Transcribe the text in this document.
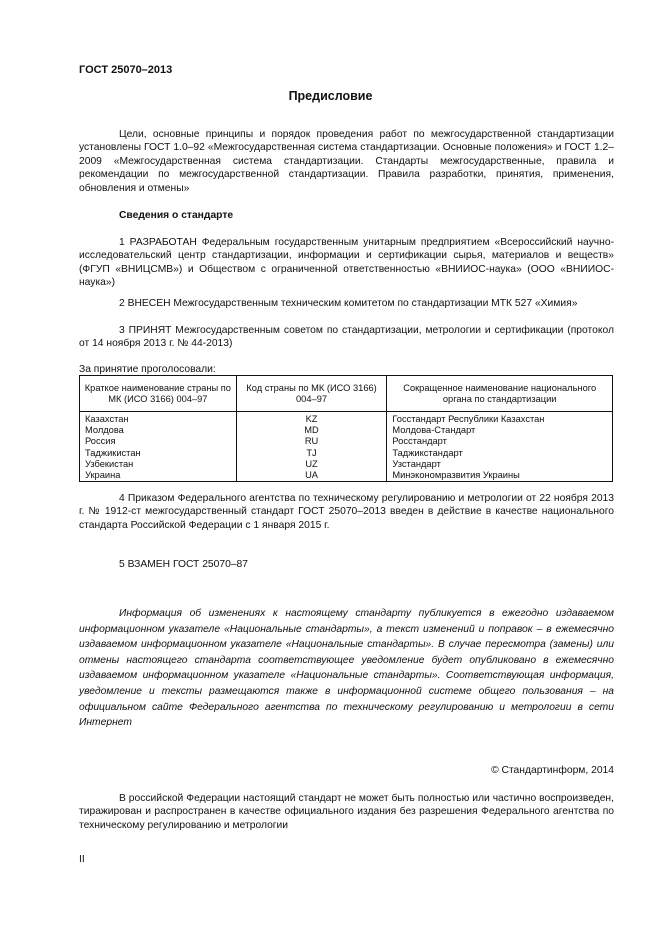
ГОСТ 25070–2013
Предисловие

Цели, основные принципы и порядок проведения работ по межгосударственной стандартизации установлены ГОСТ 1.0–92 «Межгосударственная система стандартизации. Основные положения» и ГОСТ 1.2–2009 «Межгосударственная система стандартизации. Стандарты межгосударственные, правила и рекомендации по межгосударственной стандартизации. Правила разработки, принятия, применения, обновления и отмены»

Сведения о стандарте

1 РАЗРАБОТАН Федеральным государственным унитарным предприятием «Всероссийский научно-исследовательский центр стандартизации, информации и сертификации сырья, материалов и веществ» (ФГУП «ВНИЦСМВ») и Обществом с ограниченной ответственностью «ВНИИОС-наука» (ООО «ВНИИОС-наука»)

2 ВНЕСЕН Межгосударственным техническим комитетом по стандартизации МТК 527 «Химия»

3 ПРИНЯТ Межгосударственным советом по стандартизации, метрологии и сертификации (протокол от 14 ноября 2013 г. № 44-2013)

За принятие проголосовали:

Краткое наименование страны по МК (ИСО 3166) 004–97	Код страны по МК (ИСО 3166) 004–97	Сокращенное наименование национального органа по стандартизации
Казахстан	KZ	Госстандарт Республики Казахстан
Молдова	MD	Молдова-Стандарт
Россия	RU	Росстандарт
Таджикистан	TJ	Таджикстандарт
Узбекистан	UZ	Узстандарт
Украина	UA	Минэкономразвития Украины

4 Приказом Федерального агентства по техническому регулированию и метрологии от 22 ноября 2013 г. № 1912-ст межгосударственный стандарт ГОСТ 25070–2013 введен в действие в качестве национального стандарта Российской Федерации с 1 января 2015 г.

5 ВЗАМЕН ГОСТ 25070–87

Информация об изменениях к настоящему стандарту публикуется в ежегодно издаваемом информационном указателе «Национальные стандарты», а текст изменений и поправок – в ежемесячно издаваемом информационном указателе «Национальные стандарты». В случае пересмотра (замены) или отмены настоящего стандарта соответствующее уведомление будет опубликовано в ежемесячно издаваемом информационном указателе «Национальные стандарты». Соответствующая информация, уведомление и тексты размещаются также в информационной системе общего пользования – на официальном сайте Федерального агентства по техническому регулированию и метрологии в сети Интернет

© Стандартинформ, 2014

В российской Федерации настоящий стандарт не может быть полностью или частично воспроизведен, тиражирован и распространен в качестве официального издания без разрешения Федерального агентства по техническому регулированию и метрологии

II
